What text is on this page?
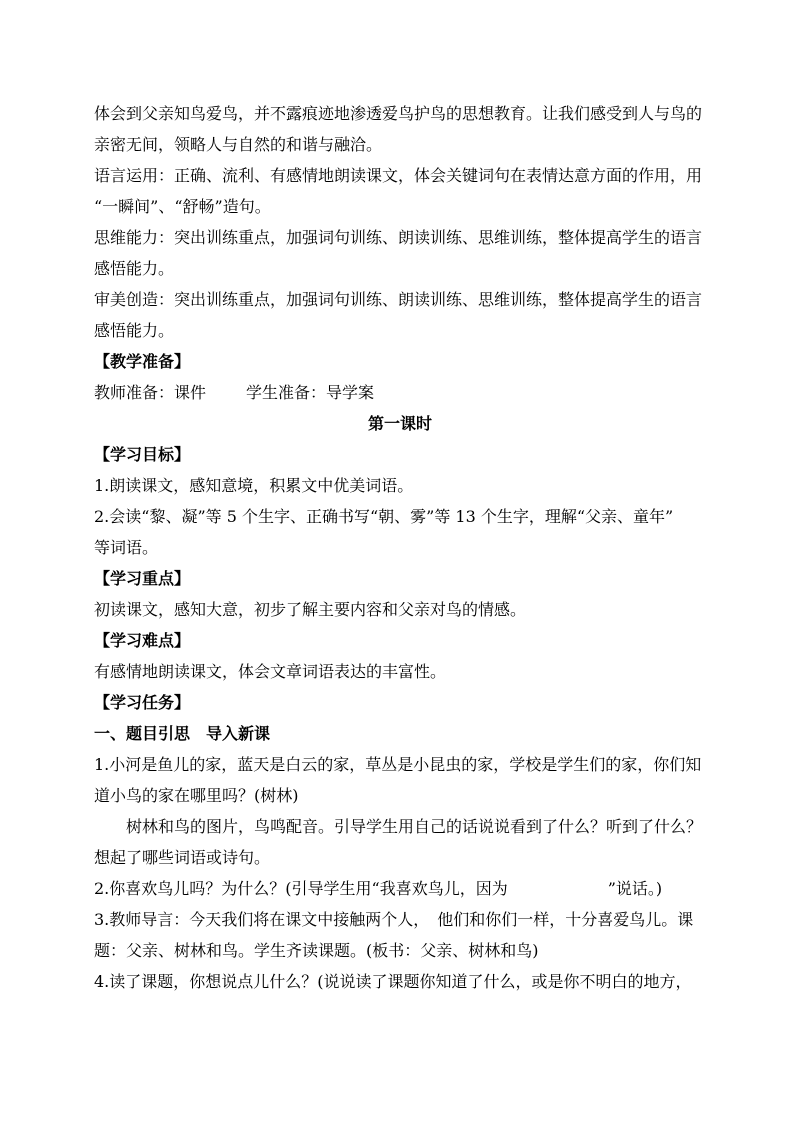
体会到父亲知鸟爱鸟，并不露痕迹地渗透爱鸟护鸟的思想教育。让我们感受到人与鸟的
亲密无间，领略人与自然的和谐与融洽。
语言运用：正确、流利、有感情地朗读课文，体会关键词句在表情达意方面的作用，用
“一瞬间”、“舒畅”造句。
思维能力：突出训练重点，加强词句训练、朗读训练、思维训练，整体提高学生的语言
感悟能力。
审美创造：突出训练重点，加强词句训练、朗读训练、思维训练，整体提高学生的语言
感悟能力。
【教学准备】
教师准备：课件	学生准备：导学案
第一课时
【学习目标】
1.朗读课文，感知意境，积累文中优美词语。
2.会读“黎、凝”等 5 个生字、正确书写“朝、雾”等 13 个生字，理解“父亲、童年”
等词语。
【学习重点】
初读课文，感知大意，初步了解主要内容和父亲对鸟的情感。
【学习难点】
有感情地朗读课文，体会文章词语表达的丰富性。
【学习任务】
一、题目引思　导入新课
1.小河是鱼儿的家，蓝天是白云的家，草丛是小昆虫的家，学校是学生们的家，你们知
道小鸟的家在哪里吗？(树林)
树林和鸟的图片，鸟鸣配音。引导学生用自己的话说说看到了什么？听到了什么？
想起了哪些词语或诗句。
2.你喜欢鸟儿吗？为什么？(引导学生用“我喜欢鸟儿，因为	”说话。)
3.教师导言：今天我们将在课文中接触两个人，　他们和你们一样，十分喜爱鸟儿。课
题：父亲、树林和鸟。学生齐读课题。(板书：父亲、树林和鸟)
4.读了课题，你想说点儿什么？(说说读了课题你知道了什么，或是你不明白的地方，
